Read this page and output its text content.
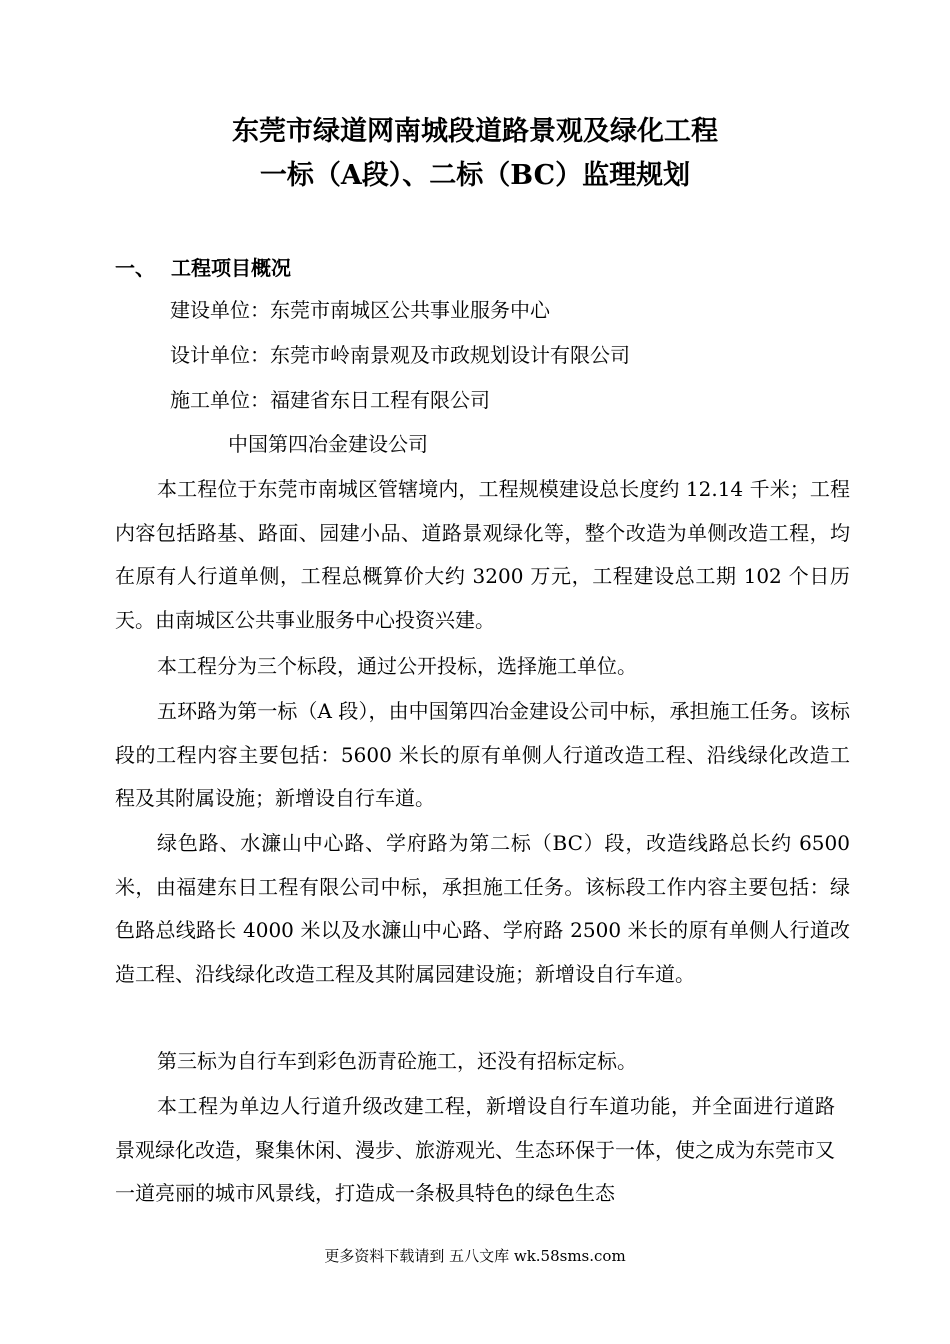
东莞市绿道网南城段道路景观及绿化工程
一标（A段）、二标（BC）监理规划
一、 工程项目概况

建设单位：东莞市南城区公共事业服务中心

设计单位：东莞市岭南景观及市政规划设计有限公司

施工单位：福建省东日工程有限公司

中国第四冶金建设公司

本工程位于东莞市南城区管辖境内，工程规模建设总长度约 12.14 千米；工程内容包括路基、路面、园建小品、道路景观绿化等，整个改造为单侧改造工程，均在原有人行道单侧，工程总概算价大约 3200 万元，工程建设总工期 102 个日历天。由南城区公共事业服务中心投资兴建。

本工程分为三个标段，通过公开投标，选择施工单位。

五环路为第一标（A 段），由中国第四冶金建设公司中标，承担施工任务。该标段的工程内容主要包括：5600 米长的原有单侧人行道改造工程、沿线绿化改造工程及其附属设施；新增设自行车道。

绿色路、水濂山中心路、学府路为第二标（BC）段，改造线路总长约 6500 米，由福建东日工程有限公司中标，承担施工任务。该标段工作内容主要包括：绿色路总线路长 4000 米以及水濂山中心路、学府路 2500 米长的原有单侧人行道改造工程、沿线绿化改造工程及其附属园建设施；新增设自行车道。

第三标为自行车到彩色沥青砼施工，还没有招标定标。

本工程为单边人行道升级改建工程，新增设自行车道功能，并全面进行道路景观绿化改造，聚集休闲、漫步、旅游观光、生态环保于一体，使之成为东莞市又一道亮丽的城市风景线，打造成一条极具特色的绿色生态

更多资料下载请到 五八文库 wk.58sms.com
